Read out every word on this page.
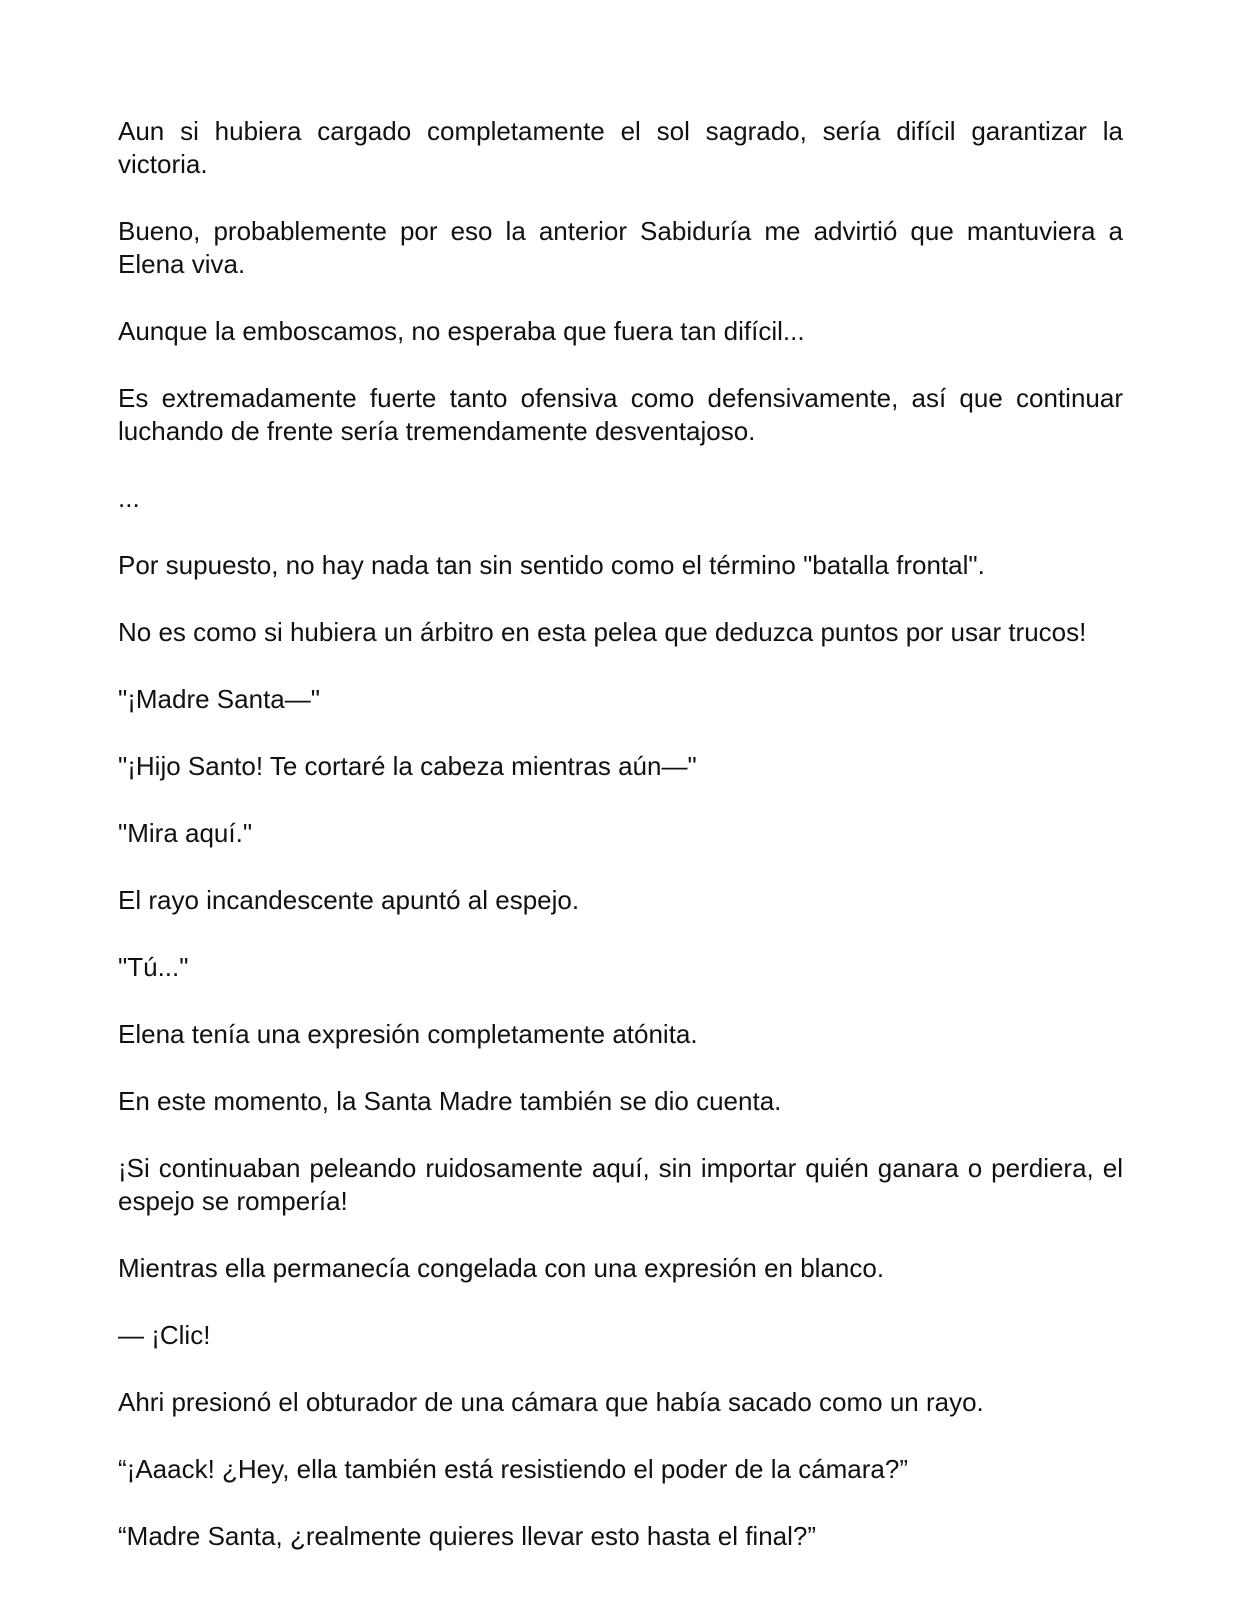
Aun si hubiera cargado completamente el sol sagrado, sería difícil garantizar la victoria.

Bueno, probablemente por eso la anterior Sabiduría me advirtió que mantuviera a Elena viva.

Aunque la emboscamos, no esperaba que fuera tan difícil...

Es extremadamente fuerte tanto ofensiva como defensivamente, así que continuar luchando de frente sería tremendamente desventajoso.

...

Por supuesto, no hay nada tan sin sentido como el término "batalla frontal".

No es como si hubiera un árbitro en esta pelea que deduzca puntos por usar trucos!

"¡Madre Santa—"

"¡Hijo Santo! Te cortaré la cabeza mientras aún—"

"Mira aquí."

El rayo incandescente apuntó al espejo.

"Tú..."

Elena tenía una expresión completamente atónita.

En este momento, la Santa Madre también se dio cuenta.

¡Si continuaban peleando ruidosamente aquí, sin importar quién ganara o perdiera, el espejo se rompería!

Mientras ella permanecía congelada con una expresión en blanco.

— ¡Clic!

Ahri presionó el obturador de una cámara que había sacado como un rayo.

“¡Aaack! ¿Hey, ella también está resistiendo el poder de la cámara?”

“Madre Santa, ¿realmente quieres llevar esto hasta el final?”
